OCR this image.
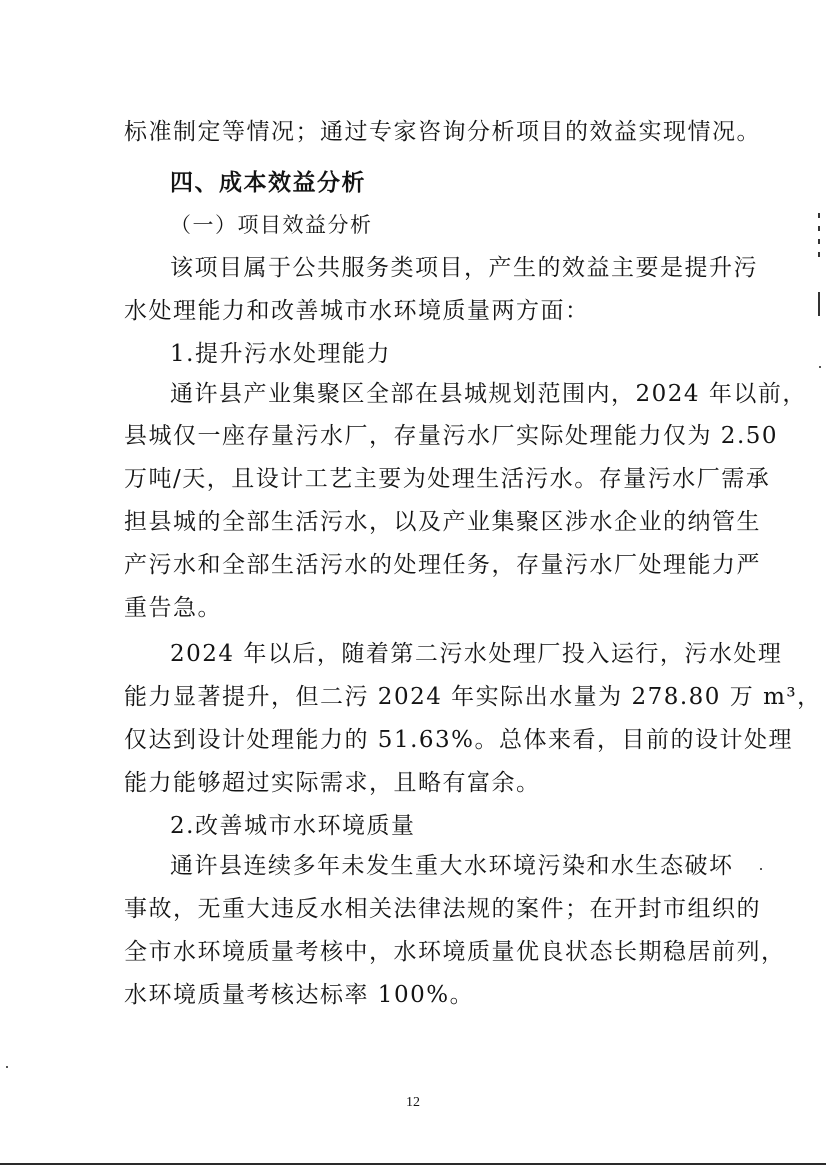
标准制定等情况；通过专家咨询分析项目的效益实现情况。
四、成本效益分析
（一）项目效益分析
该项目属于公共服务类项目，产生的效益主要是提升污
水处理能力和改善城市水环境质量两方面：
1.提升污水处理能力
通许县产业集聚区全部在县城规划范围内，2024 年以前，
县城仅一座存量污水厂，存量污水厂实际处理能力仅为 2.50
万吨/天，且设计工艺主要为处理生活污水。存量污水厂需承
担县城的全部生活污水，以及产业集聚区涉水企业的纳管生
产污水和全部生活污水的处理任务，存量污水厂处理能力严
重告急。
2024 年以后，随着第二污水处理厂投入运行，污水处理
能力显著提升，但二污 2024 年实际出水量为 278.80 万 m³，
仅达到设计处理能力的 51.63%。总体来看，目前的设计处理
能力能够超过实际需求，且略有富余。
2.改善城市水环境质量
通许县连续多年未发生重大水环境污染和水生态破坏
事故，无重大违反水相关法律法规的案件；在开封市组织的
全市水环境质量考核中，水环境质量优良状态长期稳居前列，
水环境质量考核达标率 100%。
12
